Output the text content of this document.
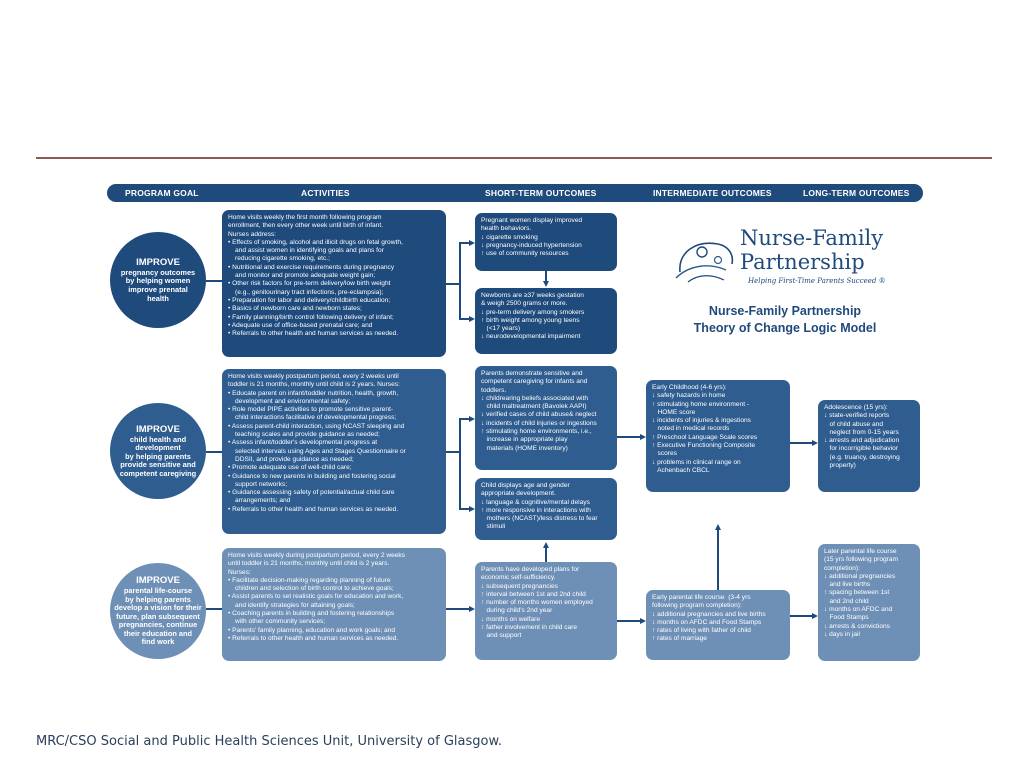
PROGRAM GOAL	ACTIVITIES	SHORT-TERM OUTCOMES	INTERMEDIATE OUTCOMES	LONG-TERM OUTCOMES
IMPROVE
pregnancy outcomes
by helping women
improve prenatal
health
IMPROVE
child health and
development
by helping parents
provide sensitive and
competent caregiving
IMPROVE
parental life-course
by helping parents
develop a vision for their
future, plan subsequent
pregnancies, continue
their education and
find work
Home visits weekly the first month following program
enrollment, then every other week until birth of infant.
Nurses address:
• Effects of smoking, alcohol and illicit drugs on fetal growth,
and assist women in identifying goals and plans for
reducing cigarette smoking, etc.;
• Nutritional and exercise requirements during pregnancy
and monitor and promote adequate weight gain;
• Other risk factors for pre-term delivery/low birth weight
(e.g., genitourinary tract infections, pre-eclampsia);
• Preparation for labor and delivery/childbirth education;
• Basics of newborn care and newborn states;
• Family planning/birth control following delivery of infant;
• Adequate use of office-based prenatal care; and
• Referrals to other health and human services as needed.
Home visits weekly postpartum period, every 2 weeks until
toddler is 21 months, monthly until child is 2 years. Nurses:
• Educate parent on infant/toddler nutrition, health, growth,
development and environmental safety;
• Role model PIPE activities to promote sensitive parent-
child interactions facilitative of developmental progress;
• Assess parent-child interaction, using NCAST sleeping and
teaching scales and provide guidance as needed;
• Assess infant/toddler's developmental progress at
selected intervals using Ages and Stages Questionnaire or
DDSII, and provide guidance as needed;
• Promote adequate use of well-child care;
• Guidance to new parents in building and fostering social
support networks;
• Guidance assessing safety of potential/actual child care
arrangements; and
• Referrals to other health and human services as needed.
Home visits weekly during postpartum period, every 2 weeks
until toddler is 21 months, monthly until child is 2 years.
Nurses:
• Facilitate decision-making regarding planning of future
children and selection of birth control to achieve goals;
• Assist parents to set realistic goals for education and work,
and identify strategies for attaining goals;
• Coaching parents in building and fostering relationships
with other community services;
• Parents' family planning, education and work goals; and
• Referrals to other health and human services as needed.
Pregnant women display improved
health behaviors.
↓ cigarette smoking
↓ pregnancy-induced hypertension
↑ use of community resources
Newborns are ≥37 weeks gestation
& weigh 2500 grams or more.
↓ pre-term delivery among smokers
↑ birth weight among young teens
(<17 years)
↓ neurodevelopmental impairment
Parents demonstrate sensitive and
competent caregiving for infants and
toddlers.
↓ childrearing beliefs associated with
child maltreatment (Bavolek AAPI)
↓ verified cases of child abuse& neglect
↓ incidents of child injuries or ingestions
↑ stimulating home environments, i.e.,
increase in appropriate play
materials (HOME inventory)
Child displays age and gender
appropriate development.
↓ language & cognitive/mental delays
↑ more responsive in interactions with
mothers (NCAST)/less distress to fear
stimuli
Parents have developed plans for
economic self-sufficiency.
↓ subsequent pregnancies
↑ interval between 1st and 2nd child
↑ number of months women employed
during child's 2nd year
↓ months on welfare
↑ father involvement in child care
and support
Early Childhood (4-6 yrs):
↓ safety hazards in home
↑ stimulating home environment -
HOME score
↓ incidents of injuries & ingestions
noted in medical records
↑ Preschool Language Scale scores
↑ Executive Functioning Composite
scores
↓ problems in clinical range on
Achenbach CBCL
Early parental life course  (3-4 yrs
following program completion):
↓ additional pregnancies and live births
↓ months on AFDC and Food Stamps
↑ rates of living with father of child
↑ rates of marriage
Adolescence (15 yrs):
↓ state-verified reports
of child abuse and
neglect from 0-15 years
↓ arrests and adjudication
for incorrigible behavior
(e.g. truancy, destroying
property)
Later parental life course
(15 yrs following program
completion):
↓ additional pregnancies
and live births
↑ spacing between 1st
and 2nd child
↓ months on AFDC and
Food Stamps
↓ arrests & convictions
↓ days in jail
Nurse-Family
Partnership
Helping First-Time Parents Succeed ®
Nurse-Family Partnership
Theory of Change Logic Model
MRC/CSO Social and Public Health Sciences Unit, University of Glasgow.
